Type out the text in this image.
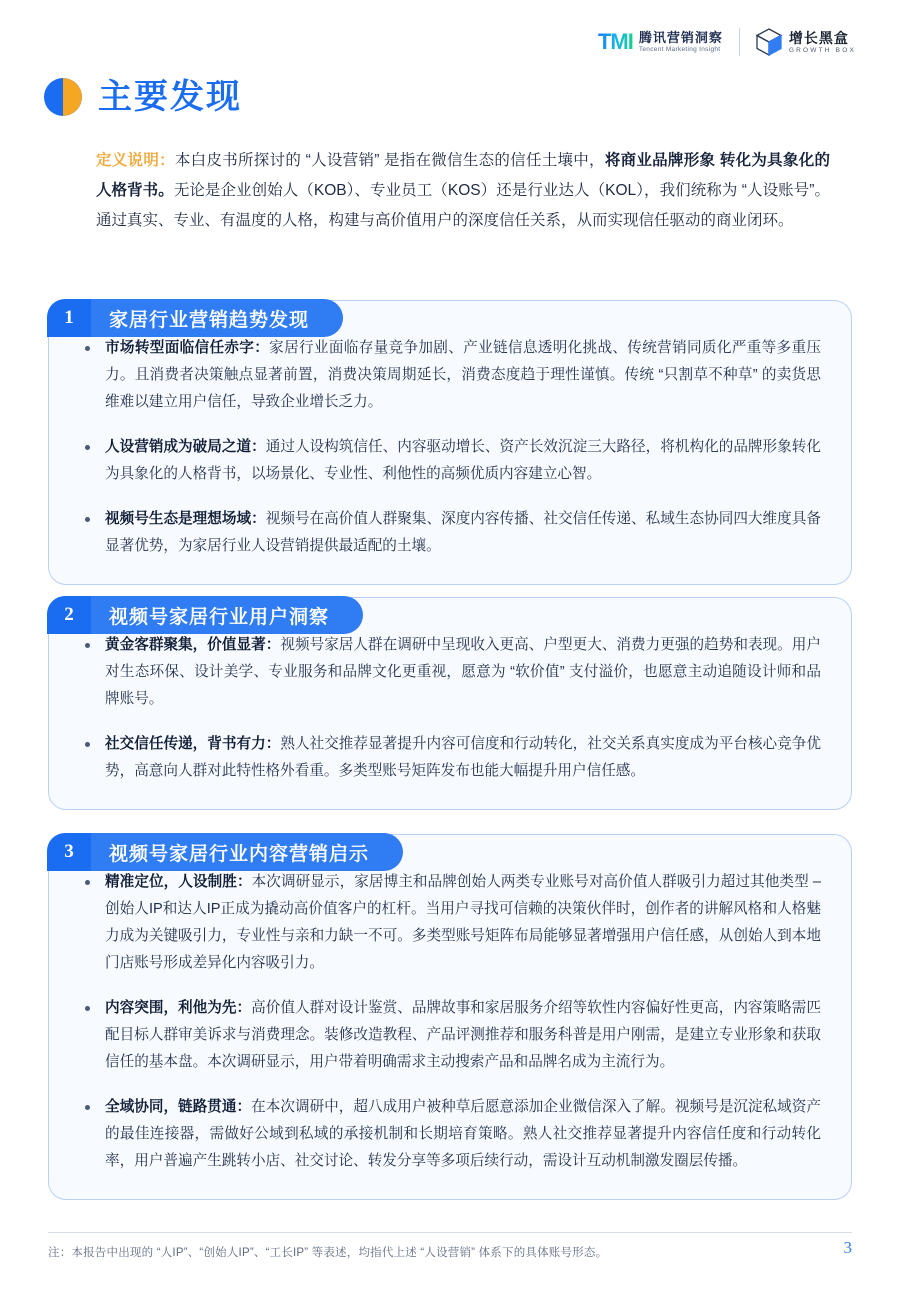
TMI 腾讯营销洞察
Tencent Marketing Insight
增长黑盒
GROWTH BOX
主要发现
定义说明：本白皮书所探讨的 “人设营销” 是指在微信生态的信任土壤中，将商业品牌形象 转化为具象化的人格背书。无论是企业创始人（KOB）、专业员工（KOS）还是行业达人（KOL），我们统称为 “人设账号”。通过真实、专业、有温度的人格，构建与高价值用户的深度信任关系，从而实现信任驱动的商业闭环。
市场转型面临信任赤字：家居行业面临存量竞争加剧、产业链信息透明化挑战、传统营销同质化严重等多重压力。且消费者决策触点显著前置，消费决策周期延长，消费态度趋于理性谨慎。传统 “只割草不种草” 的卖货思维难以建立用户信任，导致企业增长乏力。
人设营销成为破局之道：通过人设构筑信任、内容驱动增长、资产长效沉淀三大路径，将机构化的品牌形象转化为具象化的人格背书，以场景化、专业性、利他性的高频优质内容建立心智。
视频号生态是理想场域：视频号在高价值人群聚集、深度内容传播、社交信任传递、私域生态协同四大维度具备显著优势，为家居行业人设营销提供最适配的土壤。
1	家居行业营销趋势发现
黄金客群聚集，价值显著：视频号家居人群在调研中呈现收入更高、户型更大、消费力更强的趋势和表现。用户对生态环保、设计美学、专业服务和品牌文化更重视，愿意为 “软价值” 支付溢价，也愿意主动追随设计师和品牌账号。
社交信任传递，背书有力：熟人社交推荐显著提升内容可信度和行动转化，社交关系真实度成为平台核心竞争优势，高意向人群对此特性格外看重。多类型账号矩阵发布也能大幅提升用户信任感。
2	视频号家居行业用户洞察
精准定位，人设制胜：本次调研显示，家居博主和品牌创始人两类专业账号对高价值人群吸引力超过其他类型 – 创始人IP和达人IP正成为撬动高价值客户的杠杆。当用户寻找可信赖的决策伙伴时，创作者的讲解风格和人格魅力成为关键吸引力，专业性与亲和力缺一不可。多类型账号矩阵布局能够显著增强用户信任感，从创始人到本地门店账号形成差异化内容吸引力。
内容突围，利他为先：高价值人群对设计鉴赏、品牌故事和家居服务介绍等软性内容偏好性更高，内容策略需匹配目标人群审美诉求与消费理念。装修改造教程、产品评测推荐和服务科普是用户刚需，是建立专业形象和获取信任的基本盘。本次调研显示，用户带着明确需求主动搜索产品和品牌名成为主流行为。
全域协同，链路贯通：在本次调研中，超八成用户被种草后愿意添加企业微信深入了解。视频号是沉淀私域资产的最佳连接器，需做好公域到私域的承接机制和长期培育策略。熟人社交推荐显著提升内容信任度和行动转化率，用户普遍产生跳转小店、社交讨论、转发分享等多项后续行动，需设计互动机制激发圈层传播。
3	视频号家居行业内容营销启示
注：本报告中出现的 “人IP”、“创始人IP”、“工长IP” 等表述，均指代上述 “人设营销” 体系下的具体账号形态。	3
